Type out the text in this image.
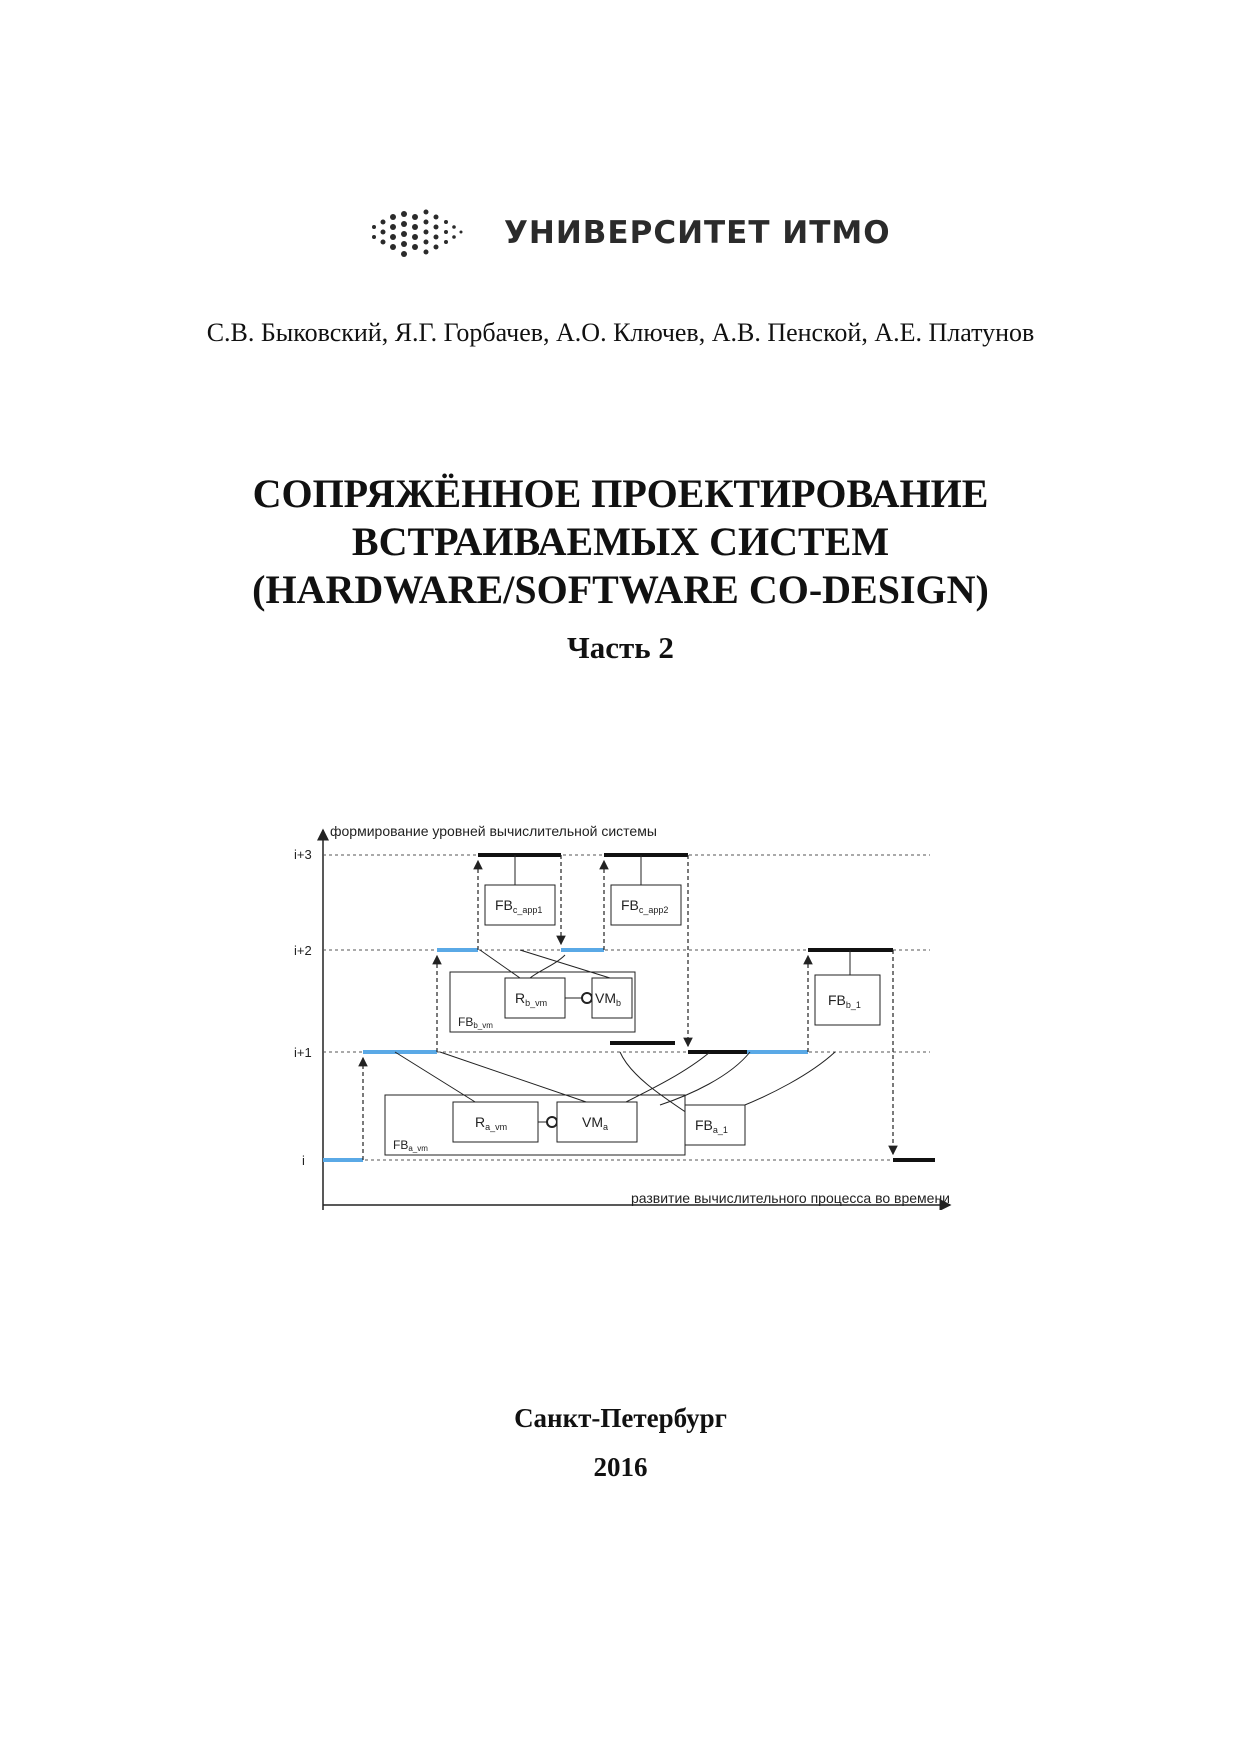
УНИВЕРСИТЕТ ИТМО
С.В. Быковский, Я.Г. Горбачев, А.О. Ключев, А.В. Пенской, А.Е. Платунов
СОПРЯЖЁННОЕ ПРОЕКТИРОВАНИЕ
ВСТРАИВАЕМЫХ СИСТЕМ
(HARDWARE/SOFTWARE CO-DESIGN)
Часть 2
формирование уровней вычислительной системы
развитие вычислительного процесса во времени
i+3
i+2
i+1
i
$FB_{c\_app1}$	$FB_{c\_app2}$
FBb_vm
$R_{b\_vm}$	$VM_b$	$FB_{b\_1}$
FBa_vm
$R_{a\_vm}$	$VM_a$	$FB_{a\_1}$
Санкт-Петербург
2016
